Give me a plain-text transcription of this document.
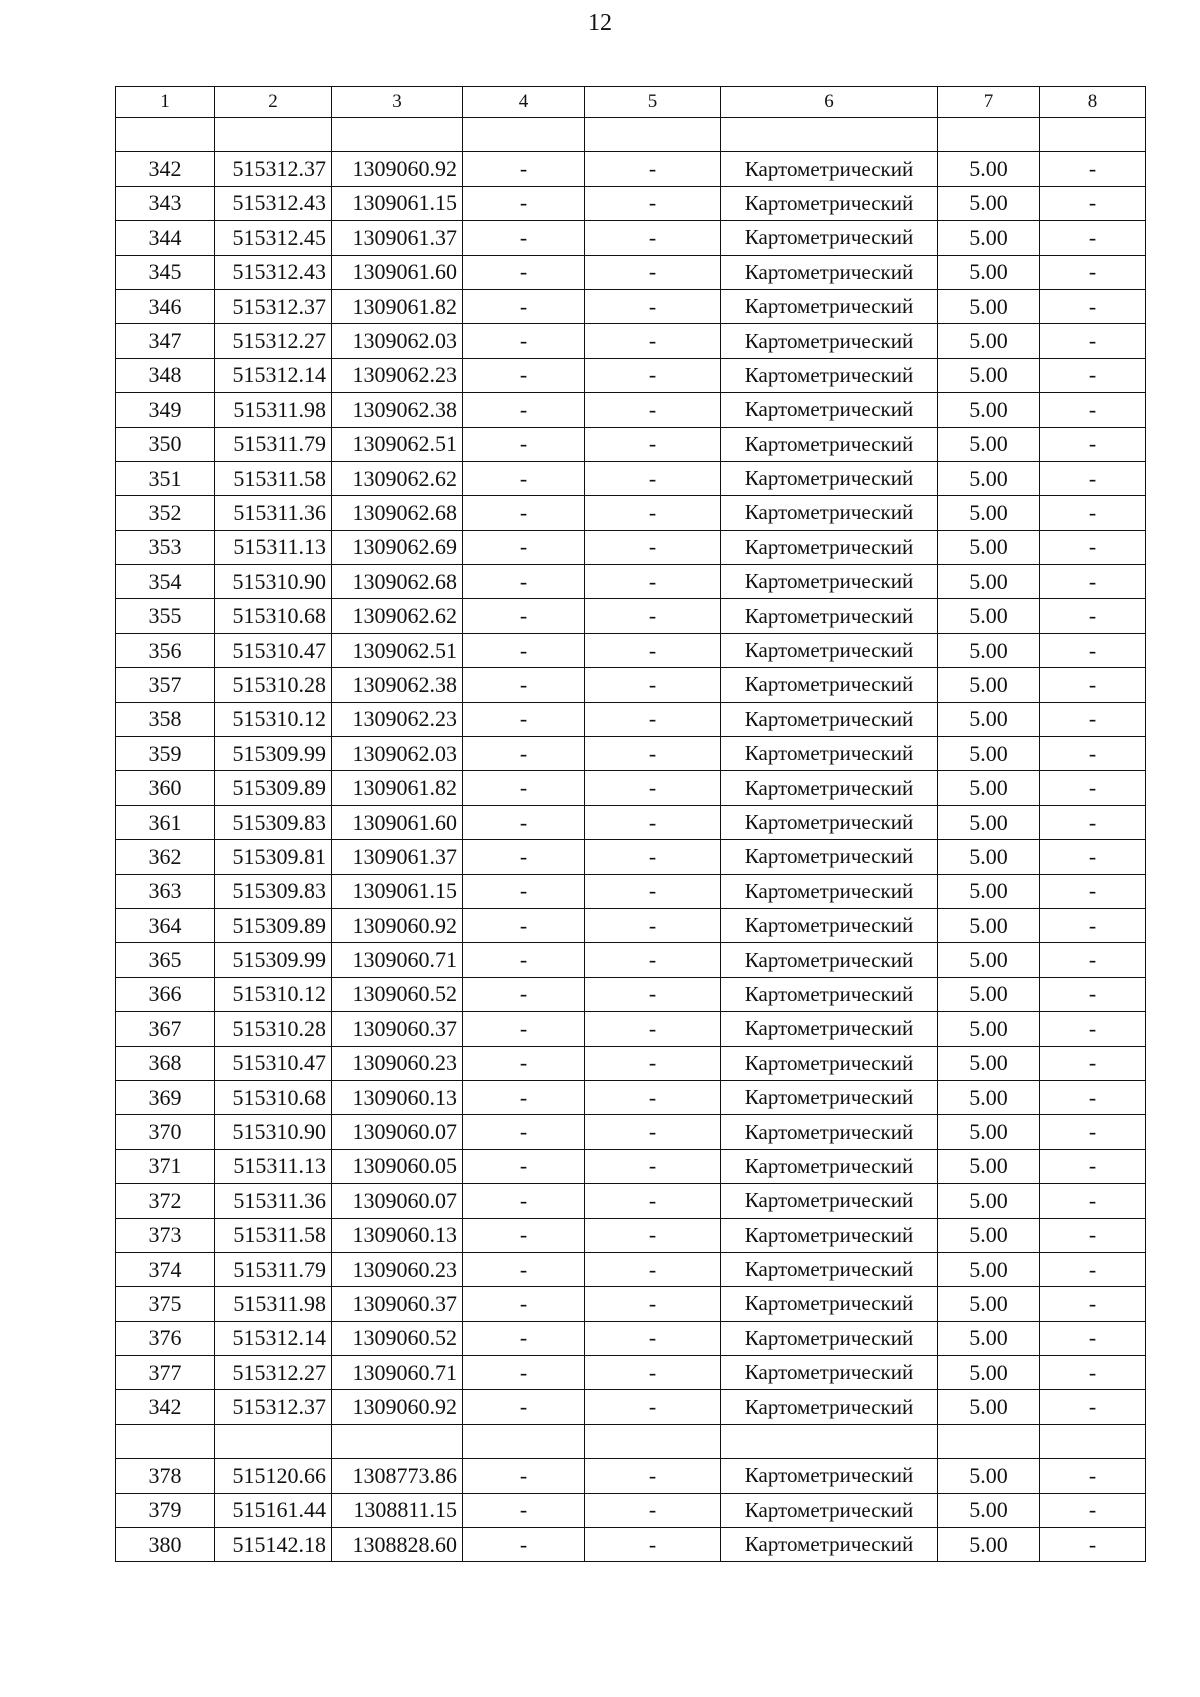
12
1	2	3	4	5	6	7	8

342	515312.37	1309060.92	-	-	Картометрический	5.00	-
343	515312.43	1309061.15	-	-	Картометрический	5.00	-
344	515312.45	1309061.37	-	-	Картометрический	5.00	-
345	515312.43	1309061.60	-	-	Картометрический	5.00	-
346	515312.37	1309061.82	-	-	Картометрический	5.00	-
347	515312.27	1309062.03	-	-	Картометрический	5.00	-
348	515312.14	1309062.23	-	-	Картометрический	5.00	-
349	515311.98	1309062.38	-	-	Картометрический	5.00	-
350	515311.79	1309062.51	-	-	Картометрический	5.00	-
351	515311.58	1309062.62	-	-	Картометрический	5.00	-
352	515311.36	1309062.68	-	-	Картометрический	5.00	-
353	515311.13	1309062.69	-	-	Картометрический	5.00	-
354	515310.90	1309062.68	-	-	Картометрический	5.00	-
355	515310.68	1309062.62	-	-	Картометрический	5.00	-
356	515310.47	1309062.51	-	-	Картометрический	5.00	-
357	515310.28	1309062.38	-	-	Картометрический	5.00	-
358	515310.12	1309062.23	-	-	Картометрический	5.00	-
359	515309.99	1309062.03	-	-	Картометрический	5.00	-
360	515309.89	1309061.82	-	-	Картометрический	5.00	-
361	515309.83	1309061.60	-	-	Картометрический	5.00	-
362	515309.81	1309061.37	-	-	Картометрический	5.00	-
363	515309.83	1309061.15	-	-	Картометрический	5.00	-
364	515309.89	1309060.92	-	-	Картометрический	5.00	-
365	515309.99	1309060.71	-	-	Картометрический	5.00	-
366	515310.12	1309060.52	-	-	Картометрический	5.00	-
367	515310.28	1309060.37	-	-	Картометрический	5.00	-
368	515310.47	1309060.23	-	-	Картометрический	5.00	-
369	515310.68	1309060.13	-	-	Картометрический	5.00	-
370	515310.90	1309060.07	-	-	Картометрический	5.00	-
371	515311.13	1309060.05	-	-	Картометрический	5.00	-
372	515311.36	1309060.07	-	-	Картометрический	5.00	-
373	515311.58	1309060.13	-	-	Картометрический	5.00	-
374	515311.79	1309060.23	-	-	Картометрический	5.00	-
375	515311.98	1309060.37	-	-	Картометрический	5.00	-
376	515312.14	1309060.52	-	-	Картометрический	5.00	-
377	515312.27	1309060.71	-	-	Картометрический	5.00	-
342	515312.37	1309060.92	-	-	Картометрический	5.00	-

378	515120.66	1308773.86	-	-	Картометрический	5.00	-
379	515161.44	1308811.15	-	-	Картометрический	5.00	-
380	515142.18	1308828.60	-	-	Картометрический	5.00	-
